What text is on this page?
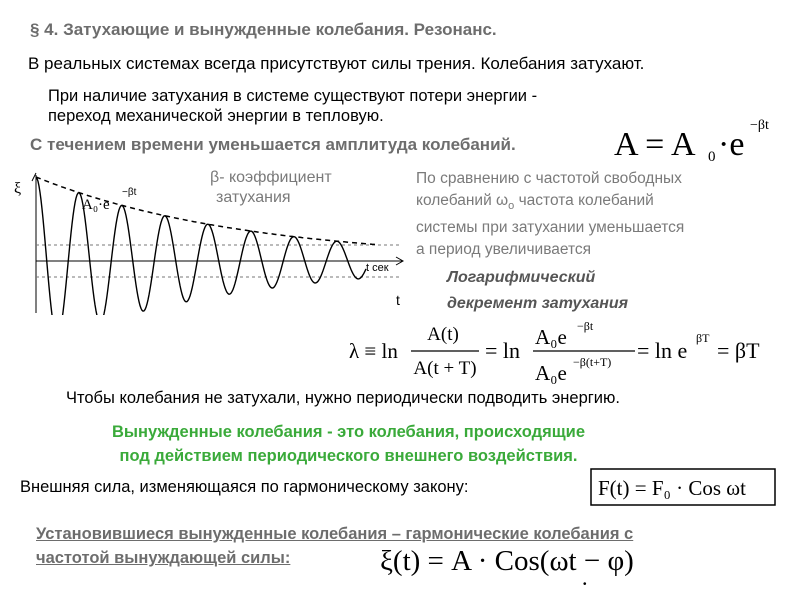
§ 4. Затухающие и вынужденные колебания. Резонанс.
В реальных системах всегда присутствуют силы трения. Колебания затухают.
При наличие затухания в системе существуют потери энергии -
переход механической энергии в тепловую.
С течением времени уменьшается амплитуда колебаний.	A = A 0 ·e
−βt
ξ
t
t сек
A₀·e
−βt
β- коэффициент
затухания
По сравнению с частотой свободных
колебаний $\omega_о$ частота колебаний
системы при затухании уменьшается
а период увеличивается
Логарифмический
декремент затухания
λ ≡ ln
A(t)
A(t + T)
= ln
A₀e −βt
A₀e −β(t+T) = ln e βT = βT
Чтобы колебания не затухали, нужно периодически подводить энергию.
Вынужденные колебания - это колебания, происходящие
под действием периодического внешнего воздействия.
Внешняя сила, изменяющаяся по гармоническому закону:	F(t) = F₀ · Cos ωt
Установившиеся вынужденные колебания – гармонические колебания с
частотой вынуждающей силы:	ξ(t) = A · Cos(ωt − φ)
•
